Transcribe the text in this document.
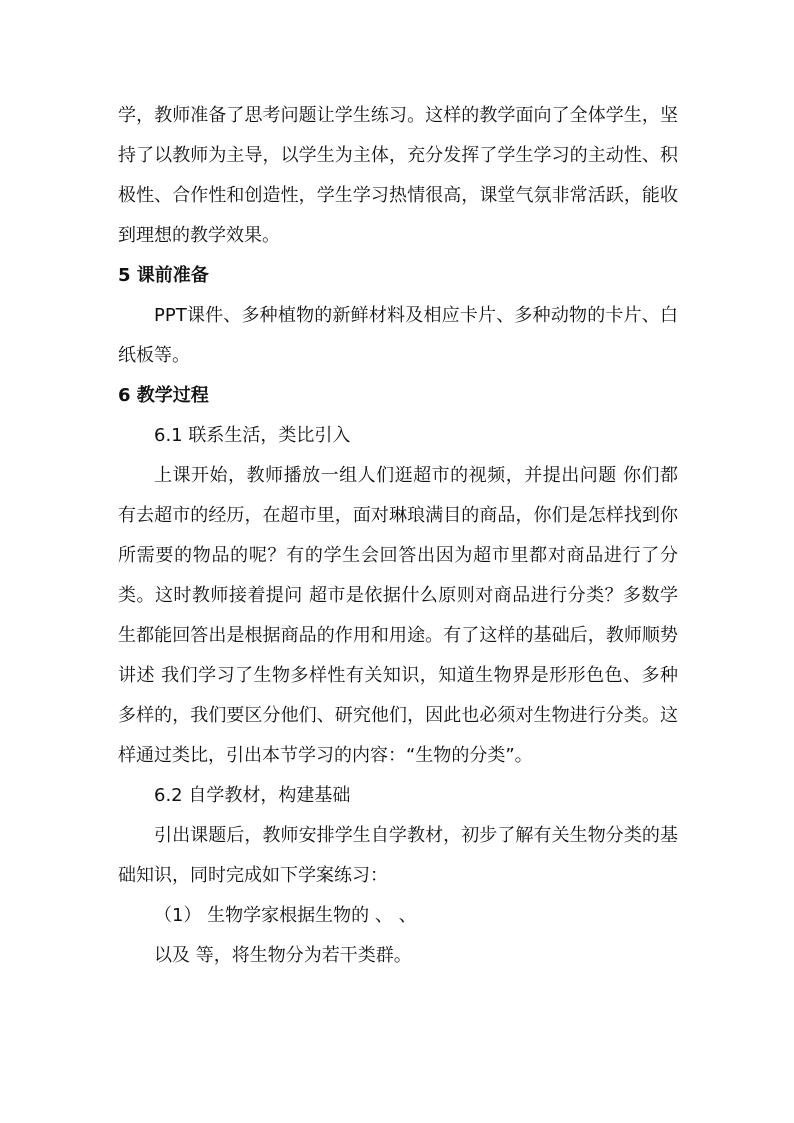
学，教师准备了思考问题让学生练习。这样的教学面向了全体学生，坚持了以教师为主导，以学生为主体，充分发挥了学生学习的主动性、积极性、合作性和创造性，学生学习热情很高，课堂气氛非常活跃，能收到理想的教学效果。

5 课前准备

PPT课件、多种植物的新鲜材料及相应卡片、多种动物的卡片、白纸板等。

6 教学过程

6.1 联系生活，类比引入

上课开始，教师播放一组人们逛超市的视频，并提出问题 你们都有去超市的经历，在超市里，面对琳琅满目的商品，你们是怎样找到你所需要的物品的呢？有的学生会回答出因为超市里都对商品进行了分类。这时教师接着提问 超市是依据什么原则对商品进行分类？多数学生都能回答出是根据商品的作用和用途。有了这样的基础后，教师顺势讲述 我们学习了生物多样性有关知识，知道生物界是形形色色、多种多样的，我们要区分他们、研究他们，因此也必须对生物进行分类。这样通过类比，引出本节学习的内容：“生物的分类”。

6.2 自学教材，构建基础

引出课题后，教师安排学生自学教材，初步了解有关生物分类的基础知识，同时完成如下学案练习：

（1） 生物学家根据生物的 、 、

以及 等，将生物分为若干类群。
